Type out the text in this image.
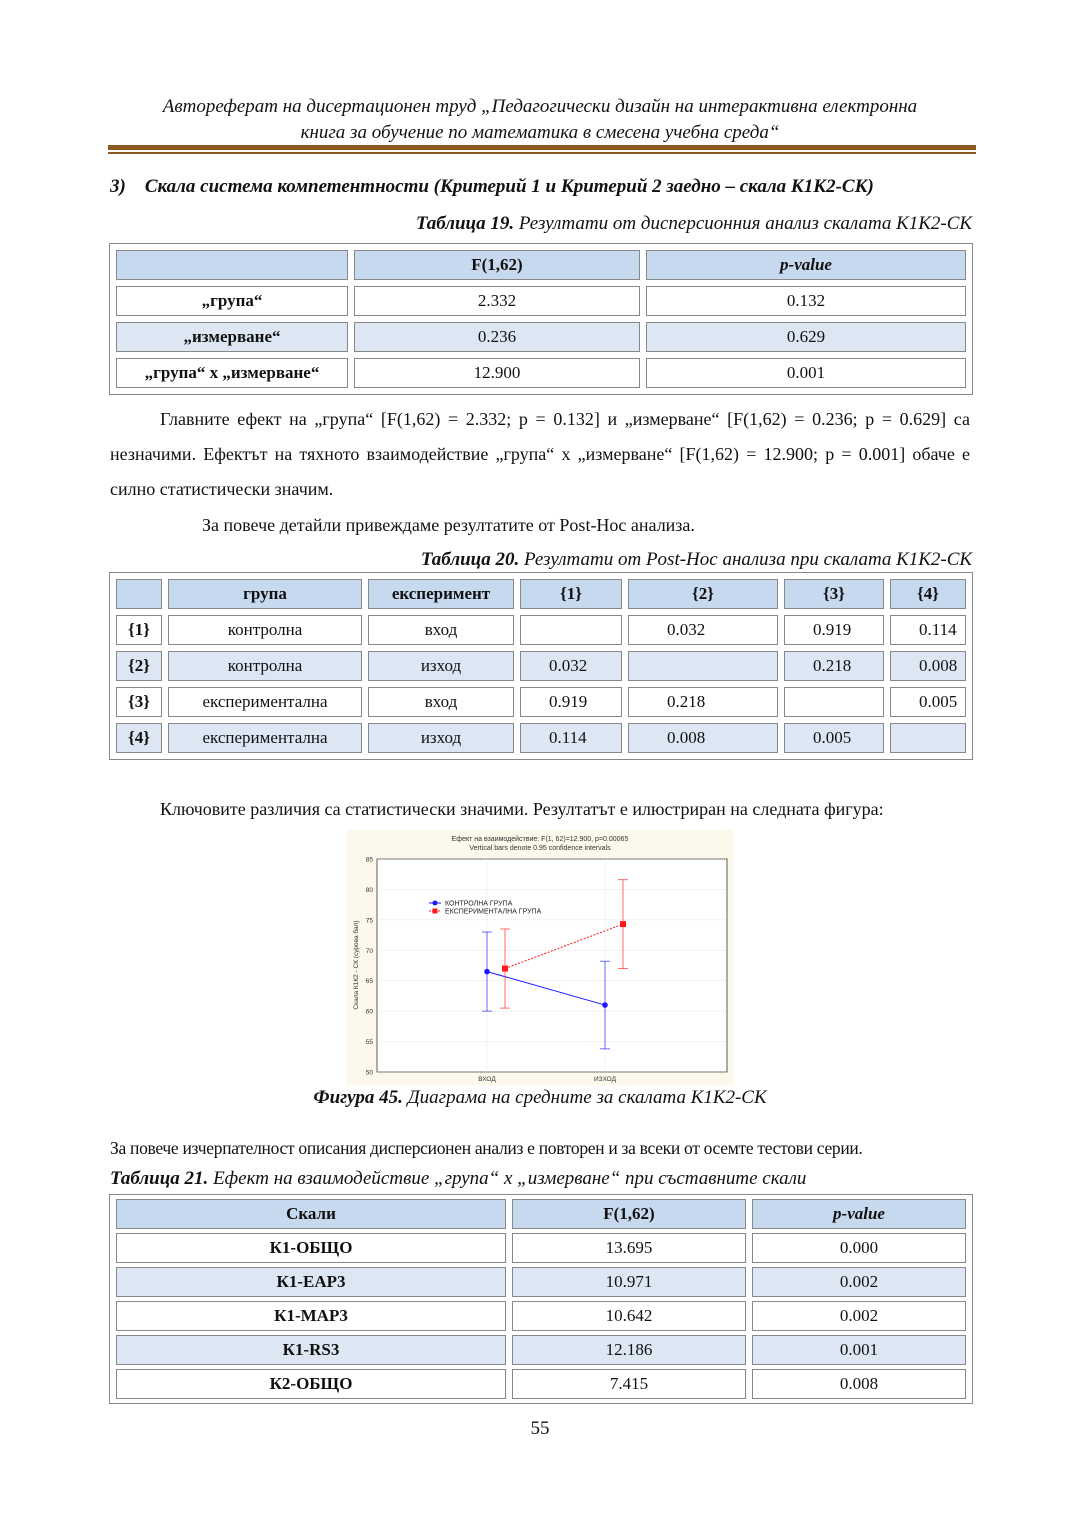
Автореферат на дисертационен труд „Педагогически дизайн на интерактивна електронна
книга за обучение по математика в смесена учебна среда“
3)    Скала система компетентности (Критерий 1 и Критерий 2 заедно – скала К1К2-СК)
Таблица 19. Резултати от дисперсионния анализ скалата К1К2-СК
	F(1,62)	p-value
„група“	2.332	0.132
„измерване“	0.236	0.629
„група“ х „измерване“	12.900	0.001
Главните ефект на „група“ [F(1,62) = 2.332; p = 0.132] и „измерване“ [F(1,62) = 0.236; p = 0.629] са незначими. Ефектът на тяхното взаимодействие „група“ х „измерване“ [F(1,62) = 12.900; p = 0.001] обаче е силно статистически значим.
За повече детайли привеждаме резултатите от Post-Hoc анализа.
Таблица 20. Резултати от Post-Hoc анализа при скалата К1К2-СК
	група	експеримент	{1}	{2}	{3}	{4}
{1}	контролна	вход		0.032	0.919	0.114
{2}	контролна	изход	0.032		0.218	0.008
{3}	експериментална	вход	0.919	0.218		0.005
{4}	експериментална	изход	0.114	0.008	0.005	
Ключовите различия са статистически значими. Резултатът е илюстриран на следната фигура:
Ефект на взаимодействие: F(1, 62)=12.900, p=0.00065
Vertical bars denote 0.95 confidence intervals
50
55
60
65
70
75
80
85
ВХОД	ИЗХОД
Скала К1К2 - СК (сурова бал)
КОНТРОЛНА ГРУПА
ЕКСПЕРИМЕНТАЛНА ГРУПА
Фигура 45. Диаграма на средните за скалата К1К2-СК
За повече изчерпателност описания дисперсионен анализ е повторен и за всеки от осемте тестови серии.
Таблица 21. Ефект на взаимодействие „група“ х „измерване“ при съставните скали
Скали	F(1,62)	p-value
К1-ОБЩО	13.695	0.000
К1-ЕАР3	10.971	0.002
К1-МАР3	10.642	0.002
К1-RS3	12.186	0.001
К2-ОБЩО	7.415	0.008
55
